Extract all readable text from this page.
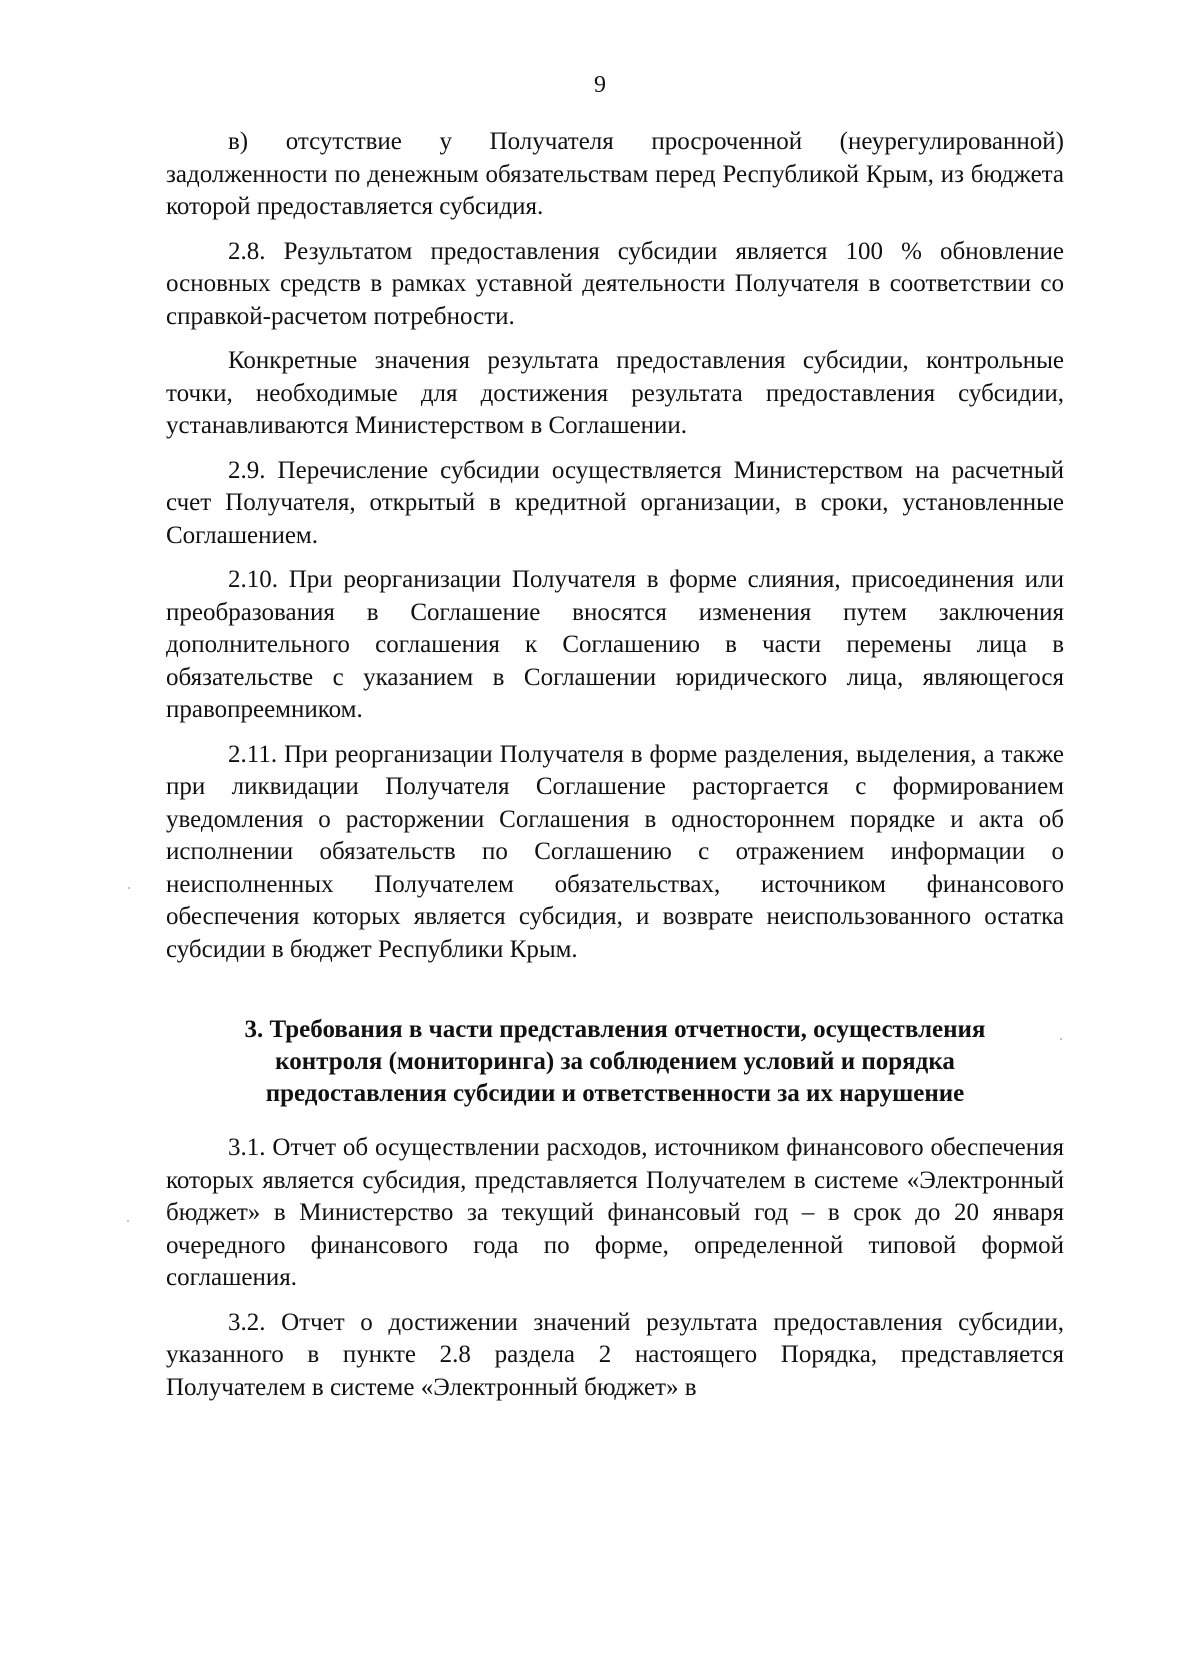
9

в) отсутствие у Получателя просроченной (неурегулированной) задолженности по денежным обязательствам перед Республикой Крым, из бюджета которой предоставляется субсидия.

2.8. Результатом предоставления субсидии является 100 % обновление основных средств в рамках уставной деятельности Получателя в соответствии со справкой-расчетом потребности.

Конкретные значения результата предоставления субсидии, контрольные точки, необходимые для достижения результата предоставления субсидии, устанавливаются Министерством в Соглашении.

2.9. Перечисление субсидии осуществляется Министерством на расчетный счет Получателя, открытый в кредитной организации, в сроки, установленные Соглашением.

2.10. При реорганизации Получателя в форме слияния, присоединения или преобразования в Соглашение вносятся изменения путем заключения дополнительного соглашения к Соглашению в части перемены лица в обязательстве с указанием в Соглашении юридического лица, являющегося правопреемником.

2.11. При реорганизации Получателя в форме разделения, выделения, а также при ликвидации Получателя Соглашение расторгается с формированием уведомления о расторжении Соглашения в одностороннем порядке и акта об исполнении обязательств по Соглашению с отражением информации о неисполненных Получателем обязательствах, источником финансового обеспечения которых является субсидия, и возврате неиспользованного остатка субсидии в бюджет Республики Крым.

3. Требования в части представления отчетности, осуществления
контроля (мониторинга) за соблюдением условий и порядка
предоставления субсидии и ответственности за их нарушение

3.1. Отчет об осуществлении расходов, источником финансового обеспечения которых является субсидия, представляется Получателем в системе «Электронный бюджет» в Министерство за текущий финансовый год – в срок до 20 января очередного финансового года по форме, определенной типовой формой соглашения.

3.2. Отчет о достижении значений результата предоставления субсидии, указанного в пункте 2.8 раздела 2 настоящего Порядка, представляется Получателем в системе «Электронный бюджет» в
